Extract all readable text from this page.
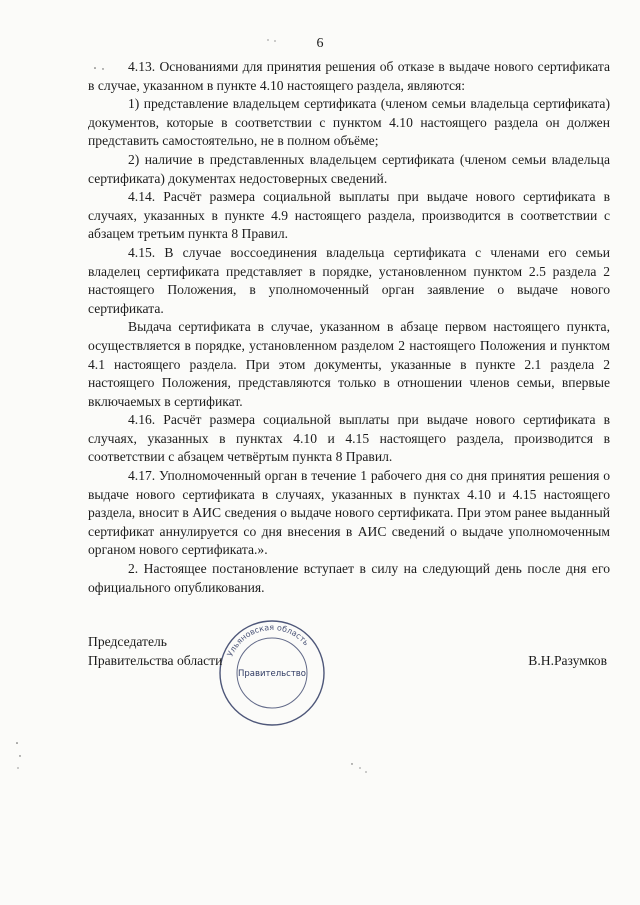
6

4.13. Основаниями для принятия решения об отказе в выдаче нового сертификата в случае, указанном в пункте 4.10 настоящего раздела, являются:

1) представление владельцем сертификата (членом семьи владельца сертификата) документов, которые в соответствии с пунктом 4.10 настоящего раздела он должен представить самостоятельно, не в полном объёме;

2) наличие в представленных владельцем сертификата (членом семьи владельца сертификата) документах недостоверных сведений.

4.14. Расчёт размера социальной выплаты при выдаче нового сертификата в случаях, указанных в пункте 4.9 настоящего раздела, производится в соответствии с абзацем третьим пункта 8 Правил.

4.15. В случае воссоединения владельца сертификата с членами его семьи владелец сертификата представляет в порядке, установленном пунктом 2.5 раздела 2 настоящего Положения, в уполномоченный орган заявление о выдаче нового сертификата.

Выдача сертификата в случае, указанном в абзаце первом настоящего пункта, осуществляется в порядке, установленном разделом 2 настоящего Положения и пунктом 4.1 настоящего раздела. При этом документы, указанные в пункте 2.1 раздела 2 настоящего Положения, представляются только в отношении членов семьи, впервые включаемых в сертификат.

4.16. Расчёт размера социальной выплаты при выдаче нового сертификата в случаях, указанных в пунктах 4.10 и 4.15 настоящего раздела, производится в соответствии с абзацем четвёртым пункта 8 Правил.

4.17. Уполномоченный орган в течение 1 рабочего дня со дня принятия решения о выдаче нового сертификата в случаях, указанных в пунктах 4.10 и 4.15 настоящего раздела, вносит в АИС сведения о выдаче нового сертификата. При этом ранее выданный сертификат аннулируется со дня внесения в АИС сведений о выдаче уполномоченным органом нового сертификата.».

2. Настоящее постановление вступает в силу на следующий день после дня его официального опубликования.

Ульяновская область
Правительство
Председатель
Правительства области	В.Н.Разумков
